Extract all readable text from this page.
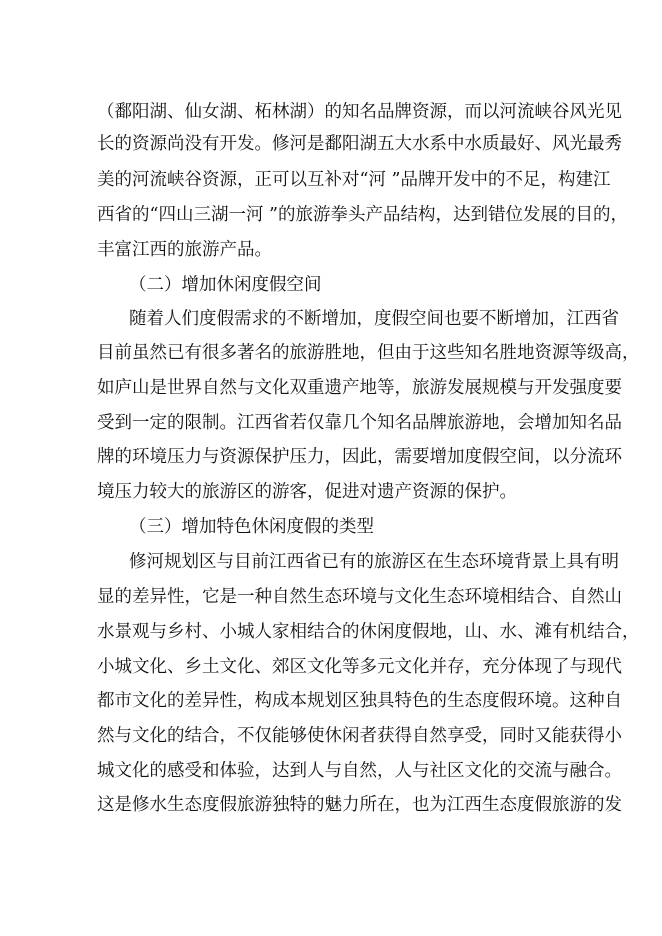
（鄱阳湖、仙女湖、柘林湖）的知名品牌资源，而以河流峡谷风光见
长的资源尚没有开发。修河是鄱阳湖五大水系中水质最好、风光最秀
美的河流峡谷资源，正可以互补对“河 ”品牌开发中的不足，构建江
西省的“四山三湖一河 ”的旅游拳头产品结构，达到错位发展的目的，
丰富江西的旅游产品。
（二）增加休闲度假空间
随着人们度假需求的不断增加，度假空间也要不断增加，江西省
目前虽然已有很多著名的旅游胜地，但由于这些知名胜地资源等级高，
如庐山是世界自然与文化双重遗产地等，旅游发展规模与开发强度要
受到一定的限制。江西省若仅靠几个知名品牌旅游地，会增加知名品
牌的环境压力与资源保护压力，因此，需要增加度假空间，以分流环
境压力较大的旅游区的游客，促进对遗产资源的保护。
（三）增加特色休闲度假的类型
修河规划区与目前江西省已有的旅游区在生态环境背景上具有明
显的差异性，它是一种自然生态环境与文化生态环境相结合、自然山
水景观与乡村、小城人家相结合的休闲度假地，山、水、滩有机结合，
小城文化、乡土文化、郊区文化等多元文化并存，充分体现了与现代
都市文化的差异性，构成本规划区独具特色的生态度假环境。这种自
然与文化的结合，不仅能够使休闲者获得自然享受，同时又能获得小
城文化的感受和体验，达到人与自然，人与社区文化的交流与融合。
这是修水生态度假旅游独特的魅力所在，也为江西生态度假旅游的发
